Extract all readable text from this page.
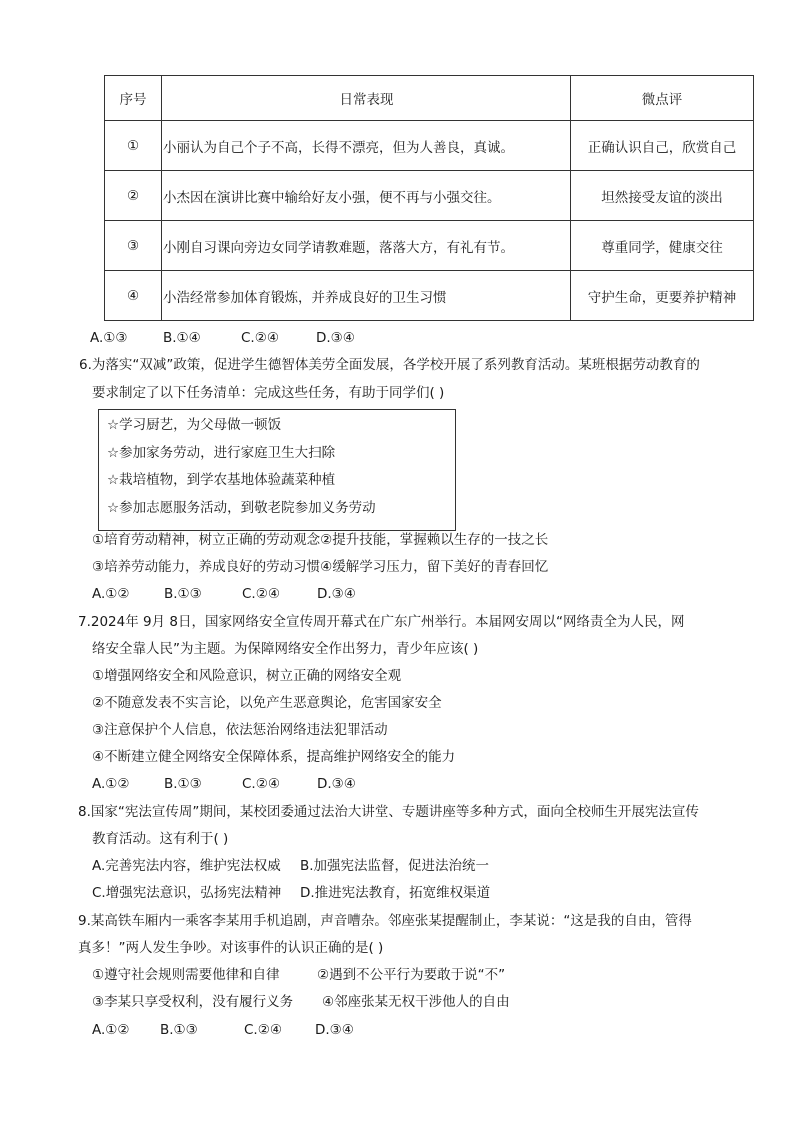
序号	日常表现	微点评
①	小丽认为自己个子不高，长得不漂亮，但为人善良，真诚。	正确认识自己，欣赏自己
②	小杰因在演讲比赛中输给好友小强，便不再与小强交往。	坦然接受友谊的淡出
③	小刚自习课向旁边女同学请教难题，落落大方，有礼有节。	尊重同学，健康交往
④	小浩经常参加体育锻炼，并养成良好的卫生习惯	守护生命，更要养护精神
A.①③	B.①④	C.②④	D.③④
6.为落实“双减”政策，促进学生德智体美劳全面发展，各学校开展了系列教育活动。某班根据劳动教育的
要求制定了以下任务清单：完成这些任务，有助于同学们( )
☆学习厨艺，为父母做一顿饭
☆参加家务劳动，进行家庭卫生大扫除
☆栽培植物，到学农基地体验蔬菜种植
☆参加志愿服务活动，到敬老院参加义务劳动
①培育劳动精神，树立正确的劳动观念②提升技能，掌握赖以生存的一技之长
③培养劳动能力，养成良好的劳动习惯④缓解学习压力，留下美好的青春回忆
A.①②	B.①③	C.②④	D.③④
7.2024年 9月 8日，国家网络安全宣传周开幕式在广东广州举行。本届网安周以“网络责全为人民，网
络安全靠人民”为主题。为保障网络安全作出努力，青少年应该( )
①增强网络安全和风险意识，树立正确的网络安全观
②不随意发表不实言论，以免产生恶意舆论，危害国家安全
③注意保护个人信息，依法惩治网络违法犯罪活动
④不断建立健全网络安全保障体系，提高维护网络安全的能力
A.①②	B.①③	C.②④	D.③④
8.国家“宪法宣传周”期间，某校团委通过法治大讲堂、专题讲座等多种方式，面向全校师生开展宪法宣传
教育活动。这有利于( )
A.完善宪法内容，维护宪法权威 B.加强宪法监督，促进法治统一
C.增强宪法意识，弘扬宪法精神 D.推进宪法教育，拓宽维权渠道
9.某高铁车厢内一乘客李某用手机追剧，声音嘈杂。邻座张某提醒制止，李某说：“这是我的自由，管得
真多！”两人发生争吵。对该事件的认识正确的是( )
①遵守社会规则需要他律和自律	②遇到不公平行为要敢于说“不”
③李某只享受权利，没有履行义务 ④邻座张某无权干涉他人的自由
A.①② B.①③	C.②④ D.③④
